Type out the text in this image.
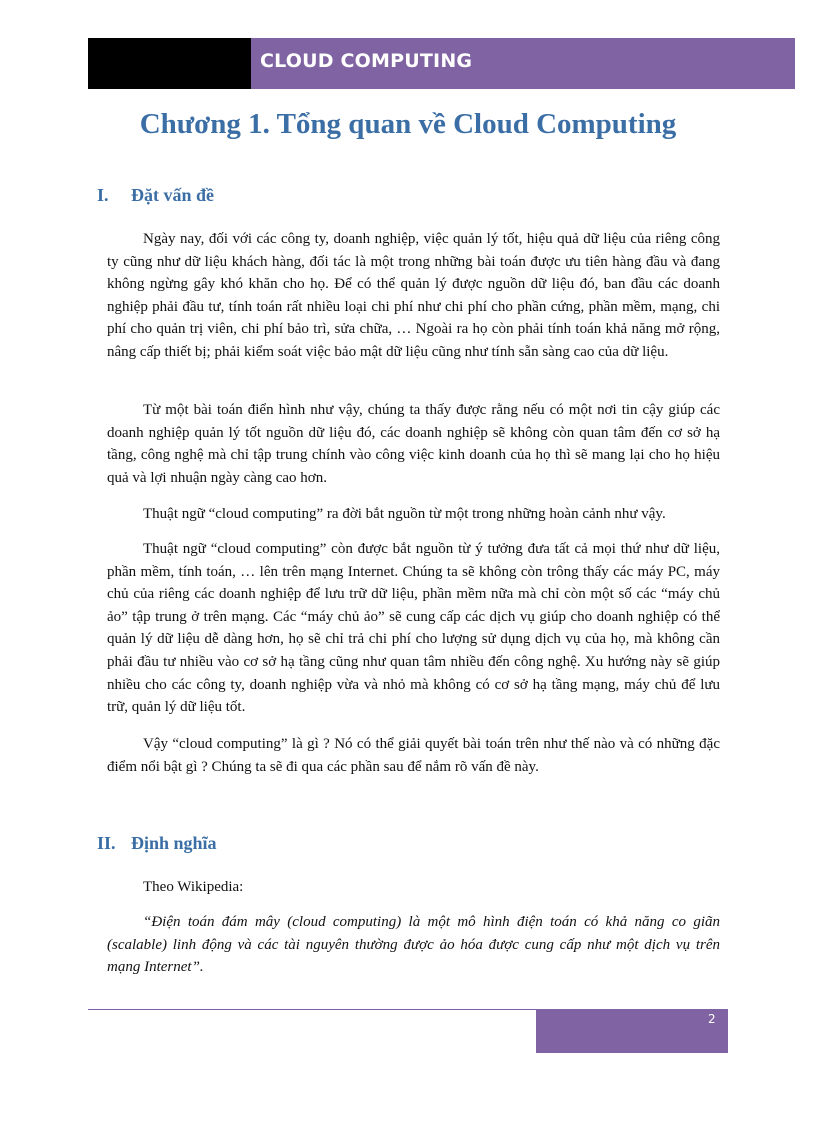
CLOUD COMPUTING
Chương 1. Tổng quan về Cloud Computing
I. Đặt vấn đề

Ngày nay, đối với các công ty, doanh nghiệp, việc quản lý tốt, hiệu quả dữ liệu của riêng công ty cũng như dữ liệu khách hàng, đối tác là một trong những bài toán được ưu tiên hàng đầu và đang không ngừng gây khó khăn cho họ. Để có thể quản lý được nguồn dữ liệu đó, ban đầu các doanh nghiệp phải đầu tư, tính toán rất nhiều loại chi phí như chi phí cho phần cứng, phần mềm, mạng, chi phí cho quản trị viên, chi phí bảo trì, sửa chữa, … Ngoài ra họ còn phải tính toán khả năng mở rộng, nâng cấp thiết bị; phải kiểm soát việc bảo mật dữ liệu cũng như tính sẵn sàng cao của dữ liệu.

Từ một bài toán điển hình như vậy, chúng ta thấy được rằng nếu có một nơi tin cậy giúp các doanh nghiệp quản lý tốt nguồn dữ liệu đó, các doanh nghiệp sẽ không còn quan tâm đến cơ sở hạ tầng, công nghệ mà chỉ tập trung chính vào công việc kinh doanh của họ thì sẽ mang lại cho họ hiệu quả và lợi nhuận ngày càng cao hơn.

Thuật ngữ “cloud computing” ra đời bắt nguồn từ một trong những hoàn cảnh như vậy.

Thuật ngữ “cloud computing” còn được bắt nguồn từ ý tưởng đưa tất cả mọi thứ như dữ liệu, phần mềm, tính toán, … lên trên mạng Internet. Chúng ta sẽ không còn trông thấy các máy PC, máy chủ của riêng các doanh nghiệp để lưu trữ dữ liệu, phần mềm nữa mà chỉ còn một số các “máy chủ ảo” tập trung ở trên mạng. Các “máy chủ ảo” sẽ cung cấp các dịch vụ giúp cho doanh nghiệp có thể quản lý dữ liệu dễ dàng hơn, họ sẽ chỉ trả chi phí cho lượng sử dụng dịch vụ của họ, mà không cần phải đầu tư nhiều vào cơ sở hạ tầng cũng như quan tâm nhiều đến công nghệ. Xu hướng này sẽ giúp nhiều cho các công ty, doanh nghiệp vừa và nhỏ mà không có cơ sở hạ tầng mạng, máy chủ để lưu trữ, quản lý dữ liệu tốt.

Vậy “cloud computing” là gì ? Nó có thể giải quyết bài toán trên như thế nào và có những đặc điểm nổi bật gì ? Chúng ta sẽ đi qua các phần sau để nắm rõ vấn đề này.

II. Định nghĩa

Theo Wikipedia:

“Điện toán đám mây (cloud computing) là một mô hình điện toán có khả năng co giãn (scalable) linh động và các tài nguyên thường được ảo hóa được cung cấp như một dịch vụ trên mạng Internet”.

2
